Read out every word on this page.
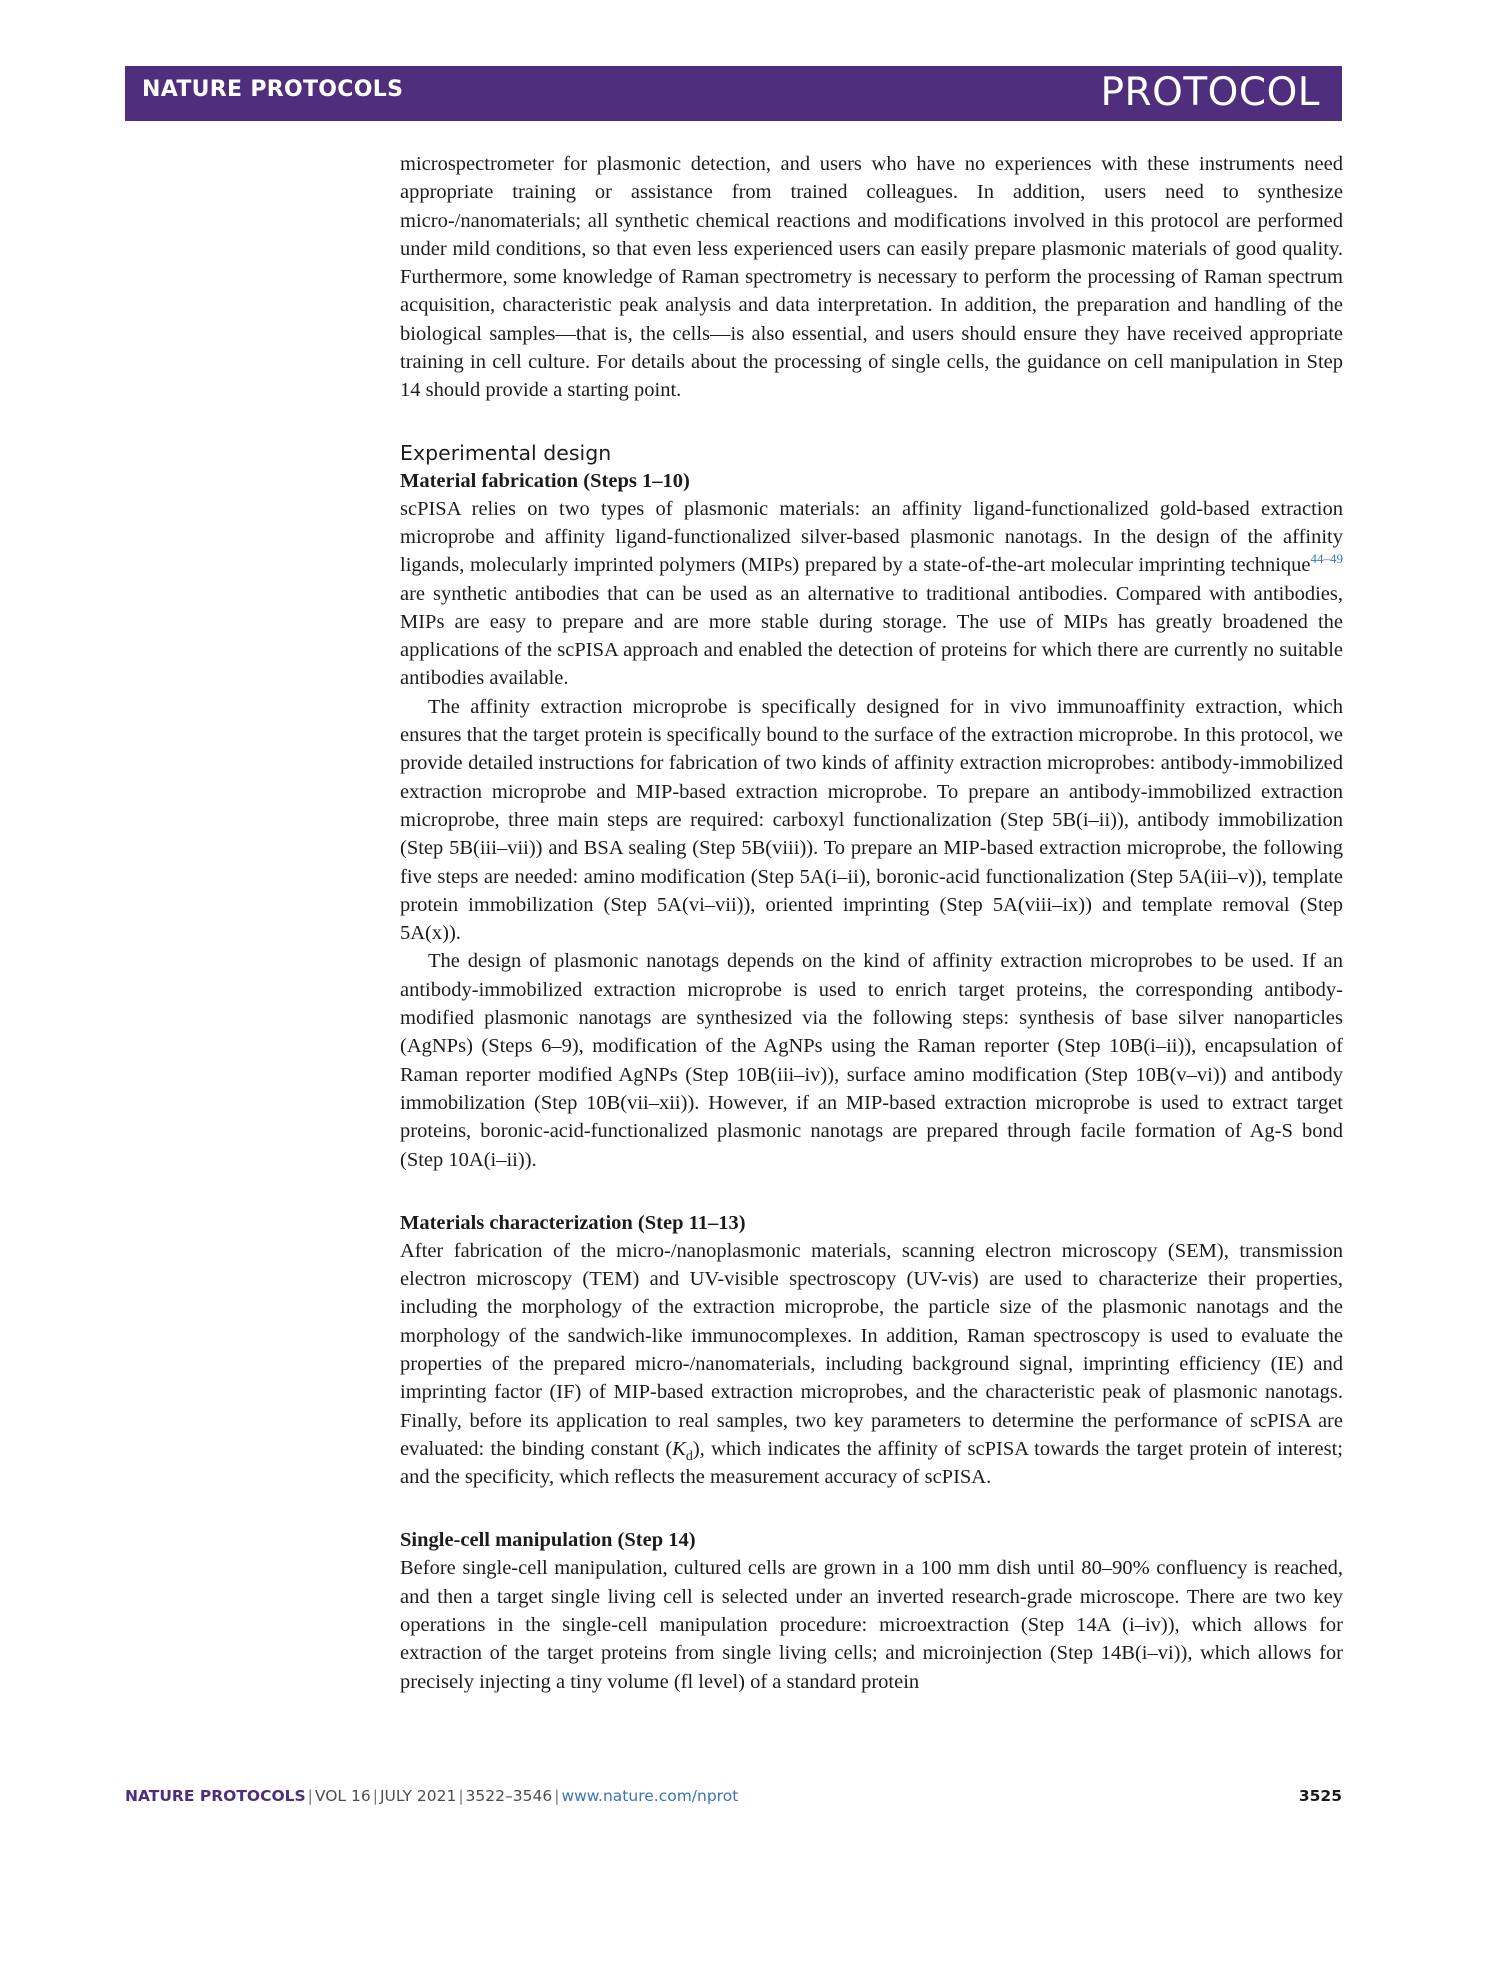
NATURE PROTOCOLS	PROTOCOL

microspectrometer for plasmonic detection, and users who have no experiences with these instruments need appropriate training or assistance from trained colleagues. In addition, users need to synthesize micro-/nanomaterials; all synthetic chemical reactions and modifications involved in this protocol are performed under mild conditions, so that even less experienced users can easily prepare plasmonic materials of good quality. Furthermore, some knowledge of Raman spectrometry is necessary to perform the processing of Raman spectrum acquisition, characteristic peak analysis and data interpretation. In addition, the preparation and handling of the biological samples—that is, the cells—is also essential, and users should ensure they have received appropriate training in cell culture. For details about the processing of single cells, the guidance on cell manipulation in Step 14 should provide a starting point.

Experimental design
Material fabrication (Steps 1–10)

scPISA relies on two types of plasmonic materials: an affinity ligand-functionalized gold-based extraction microprobe and affinity ligand-functionalized silver-based plasmonic nanotags. In the design of the affinity ligands, molecularly imprinted polymers (MIPs) prepared by a state-of-the-art molecular imprinting technique$^{44-49}$ are synthetic antibodies that can be used as an alternative to traditional antibodies. Compared with antibodies, MIPs are easy to prepare and are more stable during storage. The use of MIPs has greatly broadened the applications of the scPISA approach and enabled the detection of proteins for which there are currently no suitable antibodies available.

The affinity extraction microprobe is specifically designed for in vivo immunoaffinity extraction, which ensures that the target protein is specifically bound to the surface of the extraction microprobe. In this protocol, we provide detailed instructions for fabrication of two kinds of affinity extraction microprobes: antibody-immobilized extraction microprobe and MIP-based extraction microprobe. To prepare an antibody-immobilized extraction microprobe, three main steps are required: carboxyl functionalization (Step 5B(i–ii)), antibody immobilization (Step 5B(iii–vii)) and BSA sealing (Step 5B(viii)). To prepare an MIP-based extraction microprobe, the following five steps are needed: amino modification (Step 5A(i–ii), boronic-acid functionalization (Step 5A(iii–v)), template protein immobilization (Step 5A(vi–vii)), oriented imprinting (Step 5A(viii–ix)) and template removal (Step 5A(x)).

The design of plasmonic nanotags depends on the kind of affinity extraction microprobes to be used. If an antibody-immobilized extraction microprobe is used to enrich target proteins, the corresponding antibody-modified plasmonic nanotags are synthesized via the following steps: synthesis of base silver nanoparticles (AgNPs) (Steps 6–9), modification of the AgNPs using the Raman reporter (Step 10B(i–ii)), encapsulation of Raman reporter modified AgNPs (Step 10B(iii–iv)), surface amino modification (Step 10B(v–vi)) and antibody immobilization (Step 10B(vii–xii)). However, if an MIP-based extraction microprobe is used to extract target proteins, boronic-acid-functionalized plasmonic nanotags are prepared through facile formation of Ag-S bond (Step 10A(i–ii)).

Materials characterization (Step 11–13)

After fabrication of the micro-/nanoplasmonic materials, scanning electron microscopy (SEM), transmission electron microscopy (TEM) and UV-visible spectroscopy (UV-vis) are used to characterize their properties, including the morphology of the extraction microprobe, the particle size of the plasmonic nanotags and the morphology of the sandwich-like immunocomplexes. In addition, Raman spectroscopy is used to evaluate the properties of the prepared micro-/nanomaterials, including background signal, imprinting efficiency (IE) and imprinting factor (IF) of MIP-based extraction microprobes, and the characteristic peak of plasmonic nanotags. Finally, before its application to real samples, two key parameters to determine the performance of scPISA are evaluated: the binding constant $(K_d)$, which indicates the affinity of scPISA towards the target protein of interest; and the specificity, which reflects the measurement accuracy of scPISA.

Single-cell manipulation (Step 14)

Before single-cell manipulation, cultured cells are grown in a 100 mm dish until 80–90% confluency is reached, and then a target single living cell is selected under an inverted research-grade microscope. There are two key operations in the single-cell manipulation procedure: microextraction (Step 14A (i–iv)), which allows for extraction of the target proteins from single living cells; and microinjection (Step 14B(i–vi)), which allows for precisely injecting a tiny volume (fl level) of a standard protein

NATURE PROTOCOLS | VOL 16 | JULY 2021 | 3522–3546 | www.nature.com/nprot	3525
